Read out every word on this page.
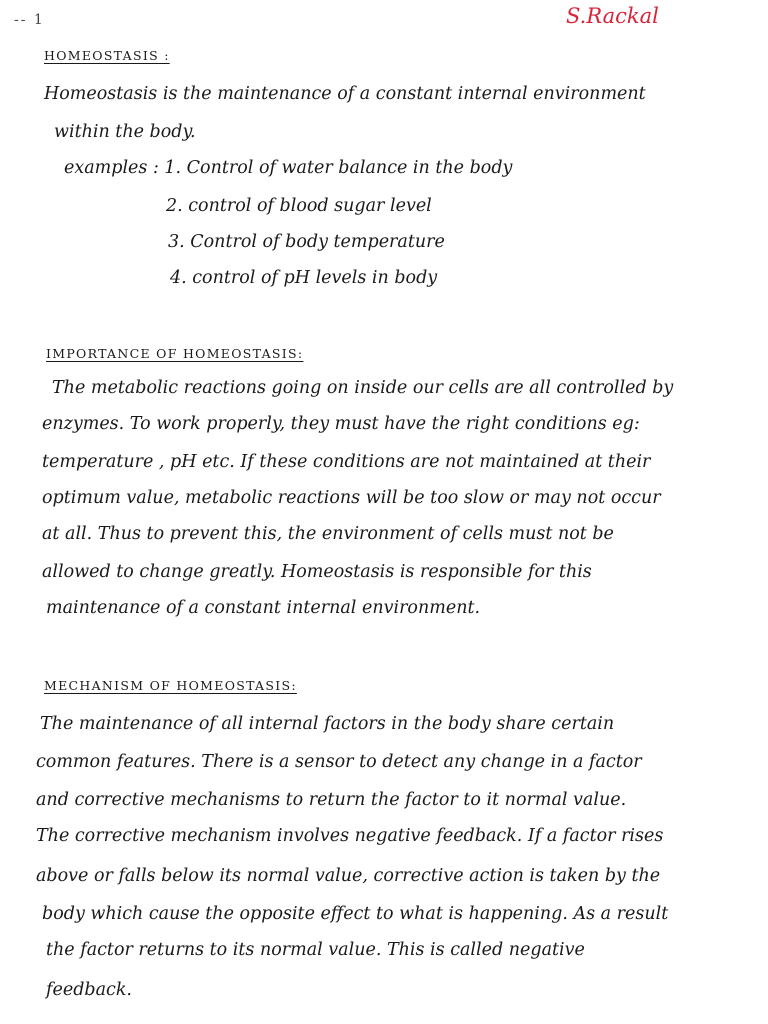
-- 1	S.Rackal
HOMEOSTASIS :
Homeostasis is the maintenance of a constant internal environment
within the body.
examples : 1. Control of water balance in the body
2. control of blood sugar level
3. Control of body temperature
4. control of pH levels in body
IMPORTANCE OF HOMEOSTASIS:
The metabolic reactions going on inside our cells are all controlled by
enzymes. To work properly, they must have the right conditions eg:
temperature , pH etc. If these conditions are not maintained at their
optimum value, metabolic reactions will be too slow or may not occur
at all. Thus to prevent this, the environment of cells must not be
allowed to change greatly. Homeostasis is responsible for this
maintenance of a constant internal environment.
MECHANISM OF HOMEOSTASIS:
The maintenance of all internal factors in the body share certain
common features. There is a sensor to detect any change in a factor
and corrective mechanisms to return the factor to it normal value.
The corrective mechanism involves negative feedback. If a factor rises
above or falls below its normal value, corrective action is taken by the
body which cause the opposite effect to what is happening. As a result
the factor returns to its normal value. This is called negative
feedback.
